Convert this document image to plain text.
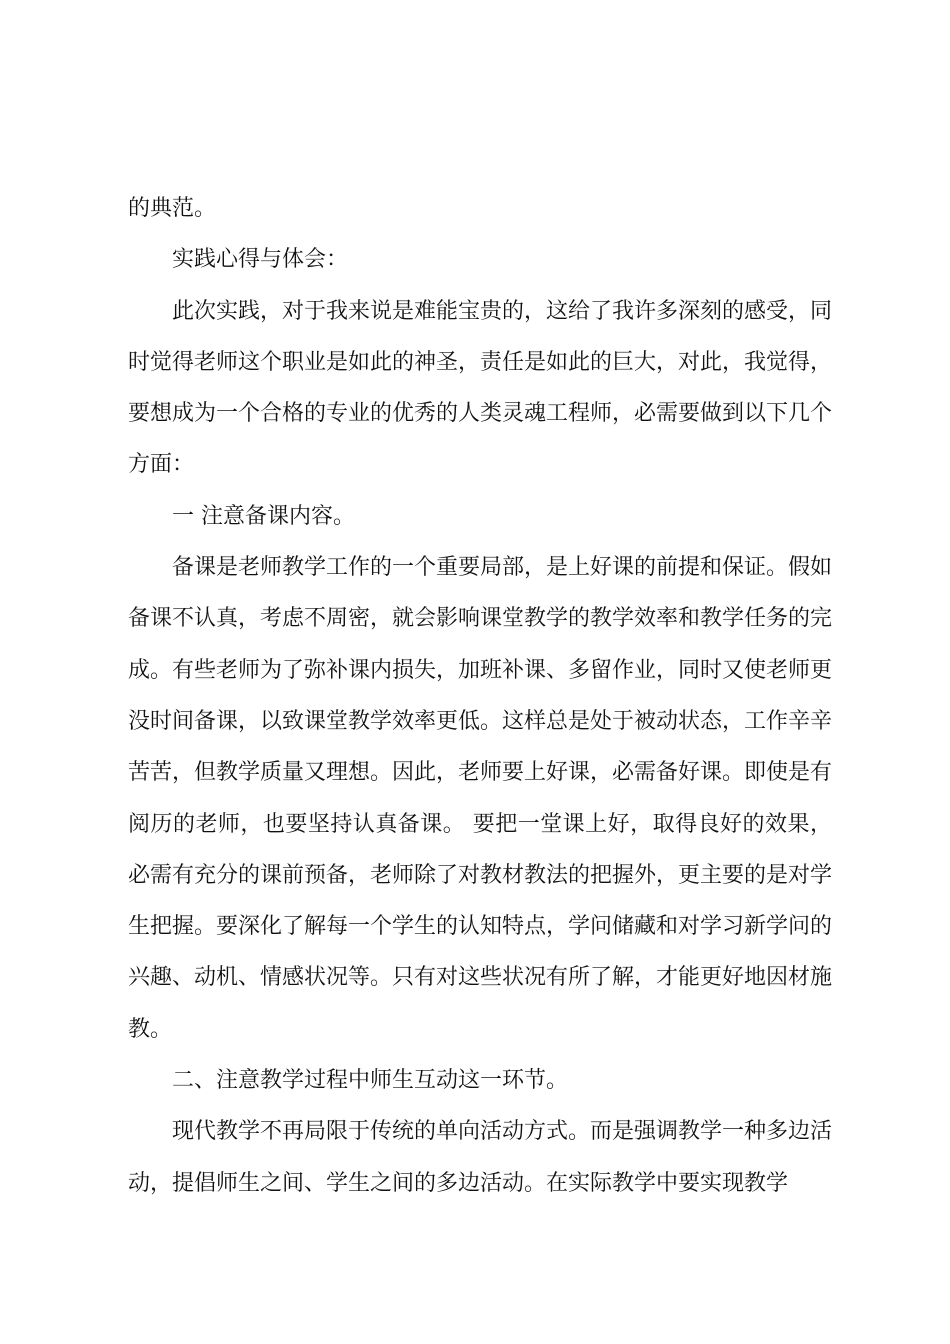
的典范。

实践心得与体会：

此次实践，对于我来说是难能宝贵的，这给了我许多深刻的感受，同时觉得老师这个职业是如此的神圣，责任是如此的巨大，对此，我觉得，要想成为一个合格的专业的优秀的人类灵魂工程师，必需要做到以下几个方面：

一 注意备课内容。

备课是老师教学工作的一个重要局部，是上好课的前提和保证。假如备课不认真，考虑不周密，就会影响课堂教学的教学效率和教学任务的完成。有些老师为了弥补课内损失，加班补课、多留作业，同时又使老师更没时间备课，以致课堂教学效率更低。这样总是处于被动状态，工作辛辛苦苦，但教学质量又理想。因此，老师要上好课，必需备好课。即使是有阅历的老师，也要坚持认真备课。 要把一堂课上好，取得良好的效果，必需有充分的课前预备，老师除了对教材教法的把握外，更主要的是对学生把握。要深化了解每一个学生的认知特点，学问储藏和对学习新学问的兴趣、动机、情感状况等。只有对这些状况有所了解，才能更好地因材施教。

二、注意教学过程中师生互动这一环节。

现代教学不再局限于传统的单向活动方式。而是强调教学一种多边活动，提倡师生之间、学生之间的多边活动。在实际教学中要实现教学
